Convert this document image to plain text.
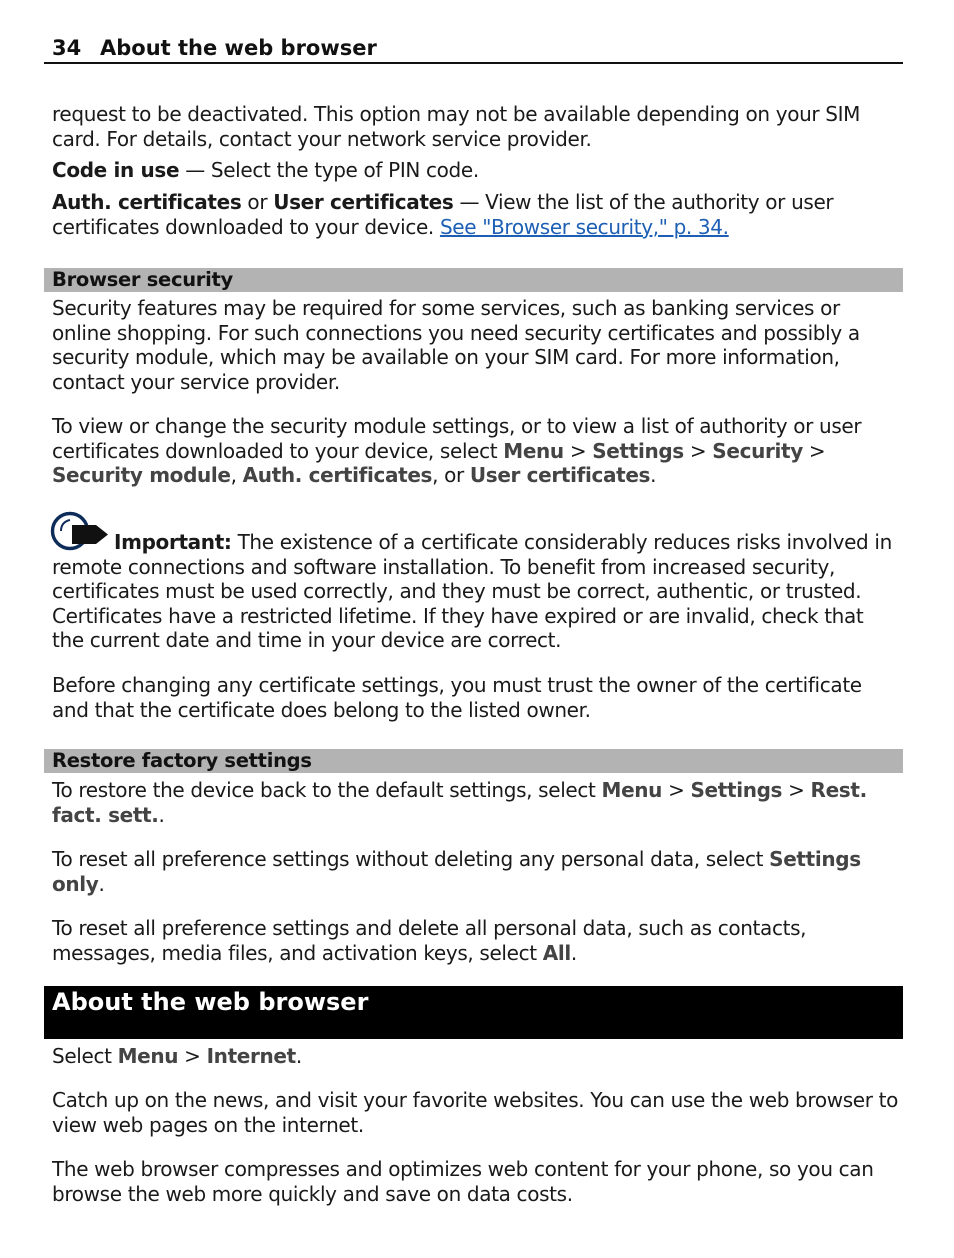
34 About the web browser

request to be deactivated. This option may not be available depending on your SIM card. For details, contact your network service provider.

Code in use — Select the type of PIN code.

Auth. certificates or User certificates — View the list of the authority or user certificates downloaded to your device. See "Browser security," p. 34.

Browser security

Security features may be required for some services, such as banking services or online shopping. For such connections you need security certificates and possibly a security module, which may be available on your SIM card. For more information, contact your service provider.

To view or change the security module settings, or to view a list of authority or user certificates downloaded to your device, select Menu > Settings > Security > Security module, Auth. certificates, or User certificates.

Important: The existence of a certificate considerably reduces risks involved in remote connections and software installation. To benefit from increased security, certificates must be used correctly, and they must be correct, authentic, or trusted. Certificates have a restricted lifetime. If they have expired or are invalid, check that the current date and time in your device are correct.

Before changing any certificate settings, you must trust the owner of the certificate and that the certificate does belong to the listed owner.

Restore factory settings

To restore the device back to the default settings, select Menu > Settings > Rest. fact. sett..

To reset all preference settings without deleting any personal data, select Settings only.

To reset all preference settings and delete all personal data, such as contacts, messages, media files, and activation keys, select All.

About the web browser

Select Menu > Internet.

Catch up on the news, and visit your favorite websites. You can use the web browser to view web pages on the internet.

The web browser compresses and optimizes web content for your phone, so you can browse the web more quickly and save on data costs.
